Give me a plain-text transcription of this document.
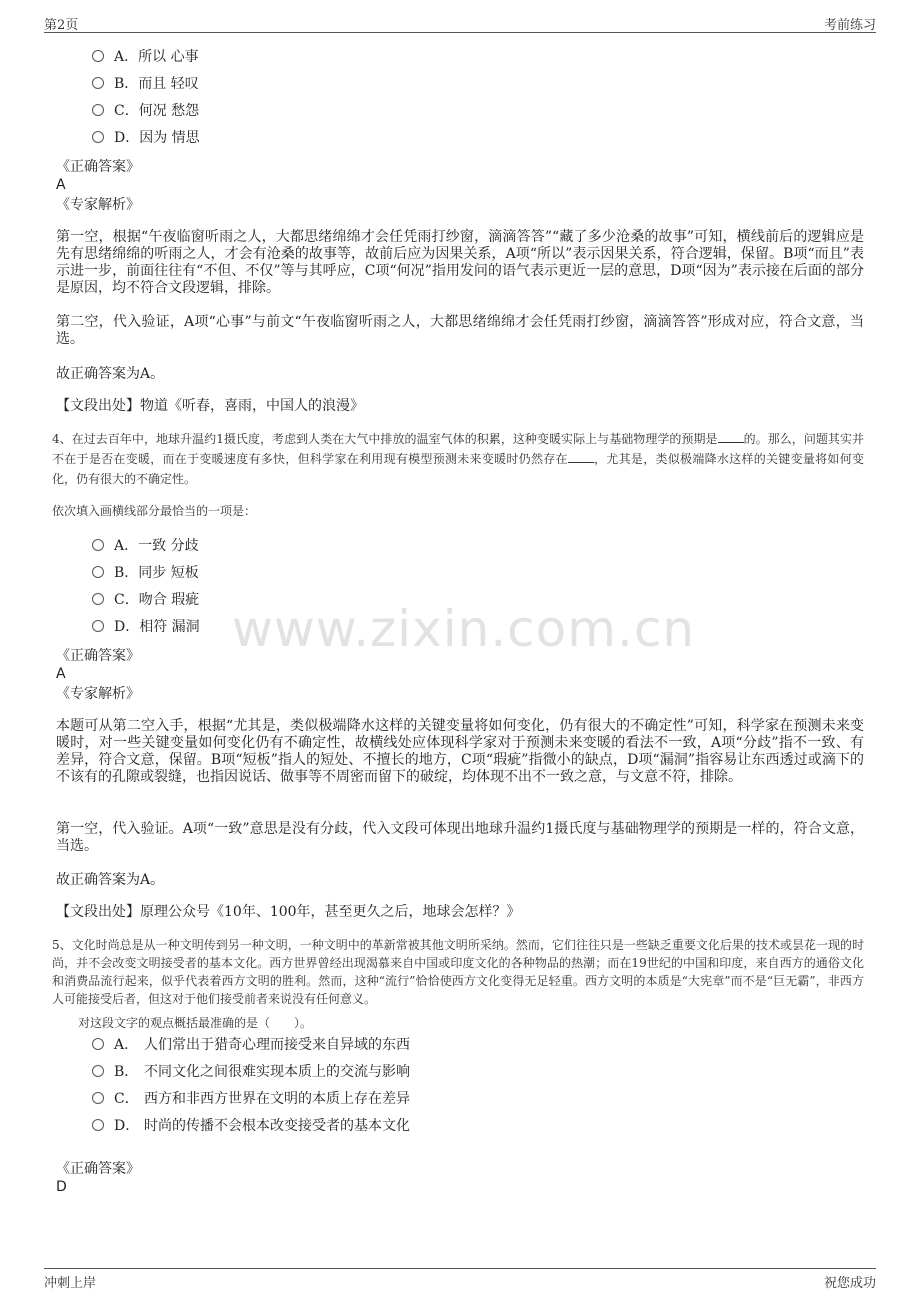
第2页	考前练习
A．所以 心事
B．而且 轻叹
C．何况 愁怨
D．因为 情思
《正确答案》
A
《专家解析》
第一空，根据“午夜临窗听雨之人，大都思绪绵绵才会任凭雨打纱窗，滴滴答答”“藏了多少沧桑的故事”可知，横线前后的逻辑应是先有思绪绵绵的听雨之人，才会有沧桑的故事等，故前后应为因果关系，A项“所以”表示因果关系，符合逻辑，保留。B项“而且”表示进一步，前面往往有“不但、不仅”等与其呼应，C项“何况”指用发问的语气表示更近一层的意思，D项“因为”表示接在后面的部分是原因，均不符合文段逻辑，排除。
第二空，代入验证，A项“心事”与前文“午夜临窗听雨之人，大都思绪绵绵才会任凭雨打纱窗，滴滴答答”形成对应，符合文意，当选。
故正确答案为A。
【文段出处】物道《听春，喜雨，中国人的浪漫》
4、在过去百年中，地球升温约1摄氏度，考虑到人类在大气中排放的温室气体的积累，这种变暖实际上与基础物理学的预期是 的。那么，问题其实并不在于是否在变暖，而在于变暖速度有多快，但科学家在利用现有模型预测未来变暖时仍然存在 ，尤其是，类似极端降水这样的关键变量将如何变化，仍有很大的不确定性。
依次填入画横线部分最恰当的一项是：
A．一致 分歧
B．同步 短板
C．吻合 瑕疵
D．相符 漏洞
《正确答案》
A
《专家解析》
本题可从第二空入手，根据“尤其是，类似极端降水这样的关键变量将如何变化，仍有很大的不确定性”可知，科学家在预测未来变暖时，对一些关键变量如何变化仍有不确定性，故横线处应体现科学家对于预测未来变暖的看法不一致，A项“分歧”指不一致、有差异，符合文意，保留。B项“短板”指人的短处、不擅长的地方，C项“瑕疵”指微小的缺点，D项“漏洞”指容易让东西透过或滴下的不该有的孔隙或裂缝，也指因说话、做事等不周密而留下的破绽，均体现不出不一致之意，与文意不符，排除。
第一空，代入验证。A项“一致”意思是没有分歧，代入文段可体现出地球升温约1摄氏度与基础物理学的预期是一样的，符合文意，当选。
故正确答案为A。
【文段出处】原理公众号《10年、100年，甚至更久之后，地球会怎样？》
5、文化时尚总是从一种文明传到另一种文明，一种文明中的革新常被其他文明所采纳。然而，它们往往只是一些缺乏重要文化后果的技术或昙花一现的时尚，并不会改变文明接受者的基本文化。西方世界曾经出现渴慕来自中国或印度文化的各种物品的热潮；而在19世纪的中国和印度，来自西方的通俗文化和消费品流行起来，似乎代表着西方文明的胜利。然而，这种“流行”恰恰使西方文化变得无足轻重。西方文明的本质是“大宪章”而不是“巨无霸”，非西方人可能接受后者，但这对于他们接受前者来说没有任何意义。
对这段文字的观点概括最准确的是（　　）。
A． 人们常出于猎奇心理而接受来自异域的东西
B． 不同文化之间很难实现本质上的交流与影响
C． 西方和非西方世界在文明的本质上存在差异
D． 时尚的传播不会根本改变接受者的基本文化
《正确答案》
D
www.zixin.com.cn
冲刺上岸	祝您成功
